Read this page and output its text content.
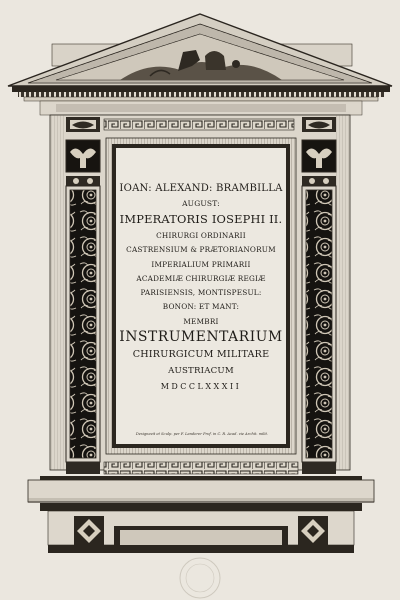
IOAN: ALEXAND: BRAMBILLA
AUGUST:
IMPERATORIS IOSEPHI II.
CHIRURGI ORDINARII
CASTRENSIUM & PRÆTORIANORUM
IMPERIALIUM PRIMARII
ACADEMIÆ CHIRURGIÆ REGIÆ
PARISIENSIS, MONTISPESUL:
BONON: ET MANT:
MEMBRI
INSTRUMENTARIUM
CHIRURGICUM MILITARE
AUSTRIACUM
MDCCLXXXII
Designavit et Sculp. per F. Landerer Prof. in C. R. Acad. vie Archit. milit.
